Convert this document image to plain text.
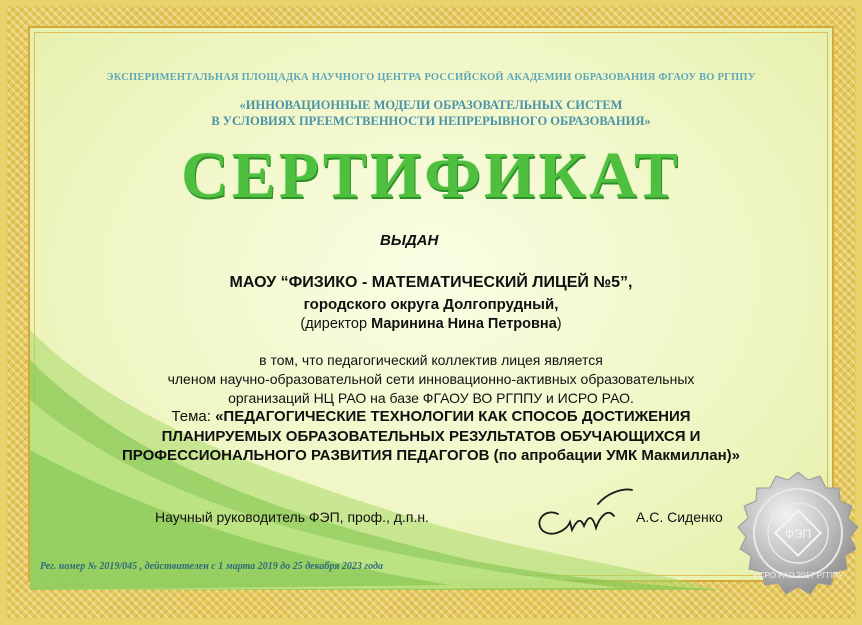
ЭКСПЕРИМЕНТАЛЬНАЯ ПЛОЩАДКА НАУЧНОГО ЦЕНТРА РОССИЙСКОЙ АКАДЕМИИ ОБРАЗОВАНИЯ ФГАОУ ВО РГППУ
«ИННОВАЦИОННЫЕ МОДЕЛИ ОБРАЗОВАТЕЛЬНЫХ СИСТЕМ
В УСЛОВИЯХ ПРЕЕМСТВЕННОСТИ НЕПРЕРЫВНОГО ОБРАЗОВАНИЯ»
СЕРТИФИКАТ
ВЫДАН
МАОУ “ФИЗИКО - МАТЕМАТИЧЕСКИЙ ЛИЦЕЙ №5”,
городского округа Долгопрудный,
(директор Маринина Нина Петровна)
в том, что педагогический коллектив лицея является
членом научно-образовательной сети инновационно-активных образовательных
организаций НЦ РАО на базе ФГАОУ ВО РГППУ и ИСРО РАО.
Тема: «ПЕДАГОГИЧЕСКИЕ ТЕХНОЛОГИИ КАК СПОСОБ ДОСТИЖЕНИЯ
ПЛАНИРУЕМЫХ ОБРАЗОВАТЕЛЬНЫХ РЕЗУЛЬТАТОВ ОБУЧАЮЩИХСЯ И
ПРОФЕССИОНАЛЬНОГО РАЗВИТИЯ ПЕДАГОГОВ (по апробации УМК Макмиллан)»
Научный руководитель ФЭП, проф., д.п.н.	А.С. Сиденко
Рег. номер № 2019/045 , действителен с 1 марта 2019 до 25 декабря 2023 года
ФЭП
ИСРО РАО 2017 РГППУ
